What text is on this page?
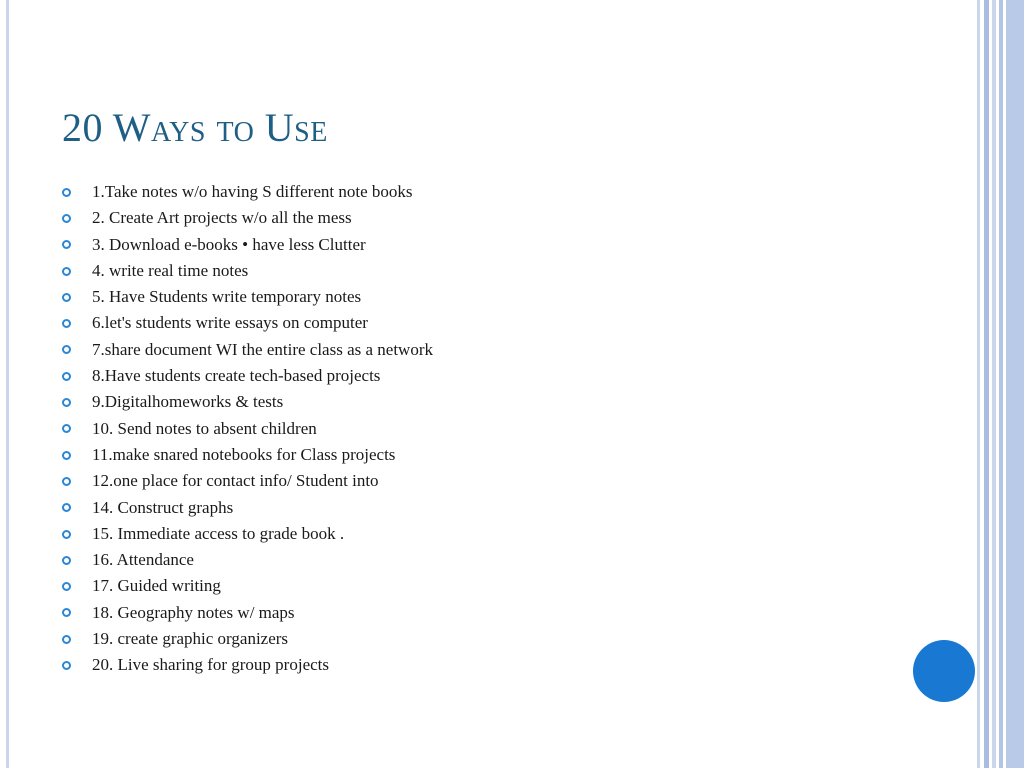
20 Ways to Use
1.Take notes w/o having S different note books
2. Create Art projects w/o all the mess
3. Download e-books • have less Clutter
4. write real time notes
5. Have Students write temporary notes
6.let's students write essays on computer
7.share document WI the entire class as a network
8.Have students create tech-based projects
9.Digitalhomeworks & tests
10. Send notes to absent children
11.make snared notebooks for Class projects
12.one place for contact info/ Student into
14. Construct graphs
15. Immediate access to grade book .
16. Attendance
17. Guided writing
18. Geography notes w/ maps
19. create graphic organizers
20. Live sharing for group projects
